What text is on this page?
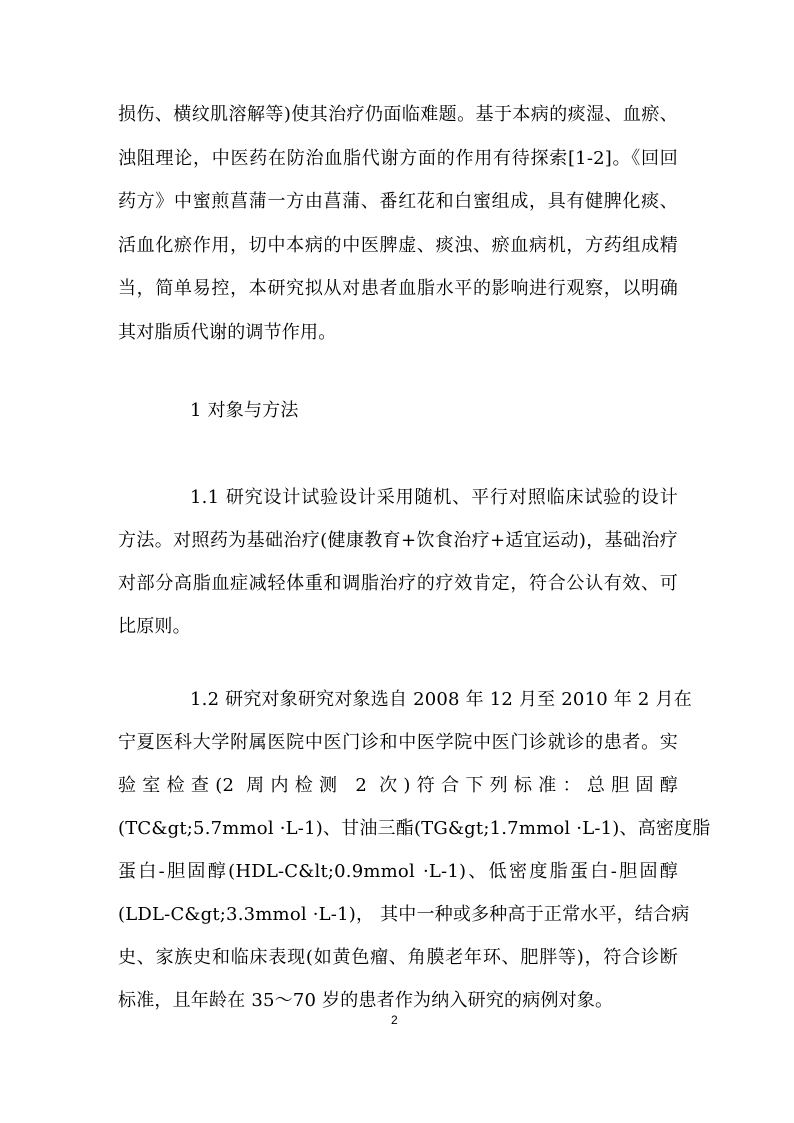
损伤、横纹肌溶解等)使其治疗仍面临难题。基于本病的痰湿、血瘀、
浊阻理论，中医药在防治血脂代谢方面的作用有待探索[1-2]。《回回
药方》中蜜煎菖蒲一方由菖蒲、番红花和白蜜组成，具有健脾化痰、
活血化瘀作用，切中本病的中医脾虚、痰浊、瘀血病机，方药组成精
当，简单易控，本研究拟从对患者血脂水平的影响进行观察，以明确
其对脂质代谢的调节作用。
1 对象与方法
1.1 研究设计试验设计采用随机、平行对照临床试验的设计
方法。对照药为基础治疗(健康教育+饮食治疗+适宜运动)，基础治疗
对部分高脂血症减轻体重和调脂治疗的疗效肯定，符合公认有效、可
比原则。
1.2 研究对象研究对象选自 2008 年 12 月至 2010 年 2 月在
宁夏医科大学附属医院中医门诊和中医学院中医门诊就诊的患者。实
验室检查(2 周内检测 2 次)符合下列标准：总胆固醇
(TC&gt;5.7mmol ·L-1)、甘油三酯(TG&gt;1.7mmol ·L-1)、高密度脂
蛋白-胆固醇(HDL-C&lt;0.9mmol ·L-1)、低密度脂蛋白-胆固醇
(LDL-C&gt;3.3mmol ·L-1)， 其中一种或多种高于正常水平，结合病
史、家族史和临床表现(如黄色瘤、角膜老年环、肥胖等)，符合诊断
标准，且年龄在 35～70 岁的患者作为纳入研究的病例对象。
2
